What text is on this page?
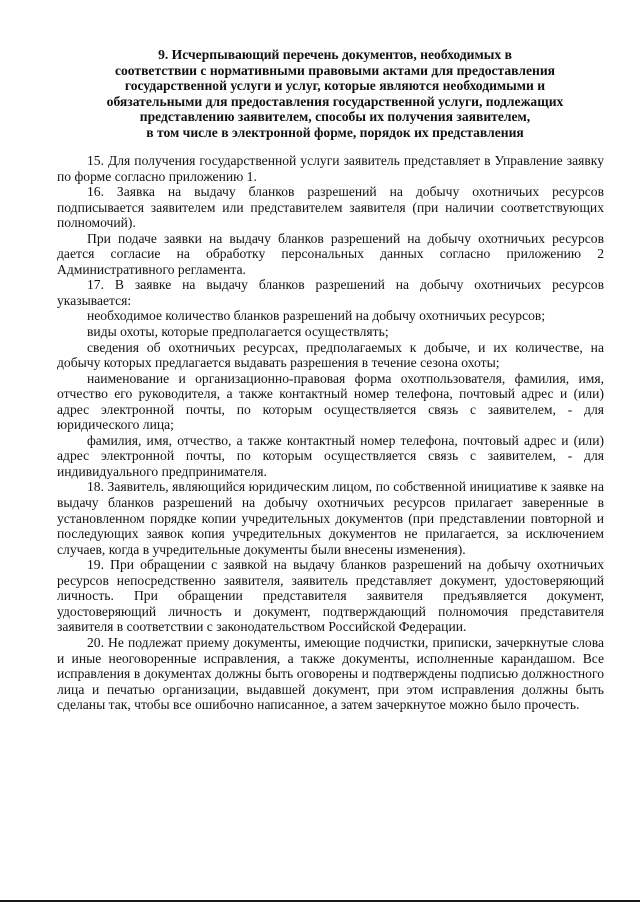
9. Исчерпывающий перечень документов, необходимых в
соответствии с нормативными правовыми актами для предоставления
государственной услуги и услуг, которые являются необходимыми и
обязательными для предоставления государственной услуги, подлежащих
представлению заявителем, способы их получения заявителем,
в том числе в электронной форме, порядок их представления

15. Для получения государственной услуги заявитель представляет в Управление заявку по форме согласно приложению 1.

16. Заявка на выдачу бланков разрешений на добычу охотничьих ресурсов подписывается заявителем или представителем заявителя (при наличии соответствующих полномочий).

При подаче заявки на выдачу бланков разрешений на добычу охотничьих ресурсов дается согласие на обработку персональных данных согласно приложению 2 Административного регламента.

17. В заявке на выдачу бланков разрешений на добычу охотничьих ресурсов указывается:

необходимое количество бланков разрешений на добычу охотничьих ресурсов;

виды охоты, которые предполагается осуществлять;

сведения об охотничьих ресурсах, предполагаемых к добыче, и их количестве, на добычу которых предлагается выдавать разрешения в течение сезона охоты;

наименование и организационно-правовая форма охотпользователя, фамилия, имя, отчество его руководителя, а также контактный номер телефона, почтовый адрес и (или) адрес электронной почты, по которым осуществляется связь с заявителем, - для юридического лица;

фамилия, имя, отчество, а также контактный номер телефона, почтовый адрес и (или) адрес электронной почты, по которым осуществляется связь с заявителем, - для индивидуального предпринимателя.

18. Заявитель, являющийся юридическим лицом, по собственной инициативе к заявке на выдачу бланков разрешений на добычу охотничьих ресурсов прилагает заверенные в установленном порядке копии учредительных документов (при представлении повторной и последующих заявок копия учредительных документов не прилагается, за исключением случаев, когда в учредительные документы были внесены изменения).

19. При обращении с заявкой на выдачу бланков разрешений на добычу охотничьих ресурсов непосредственно заявителя, заявитель представляет документ, удостоверяющий личность. При обращении представителя заявителя предъявляется документ, удостоверяющий личность и документ, подтверждающий полномочия представителя заявителя в соответствии с законодательством Российской Федерации.

20. Не подлежат приему документы, имеющие подчистки, приписки, зачеркнутые слова и иные неоговоренные исправления, а также документы, исполненные карандашом. Все исправления в документах должны быть оговорены и подтверждены подписью должностного лица и печатью организации, выдавшей документ, при этом исправления должны быть сделаны так, чтобы все ошибочно написанное, а затем зачеркнутое можно было прочесть.
